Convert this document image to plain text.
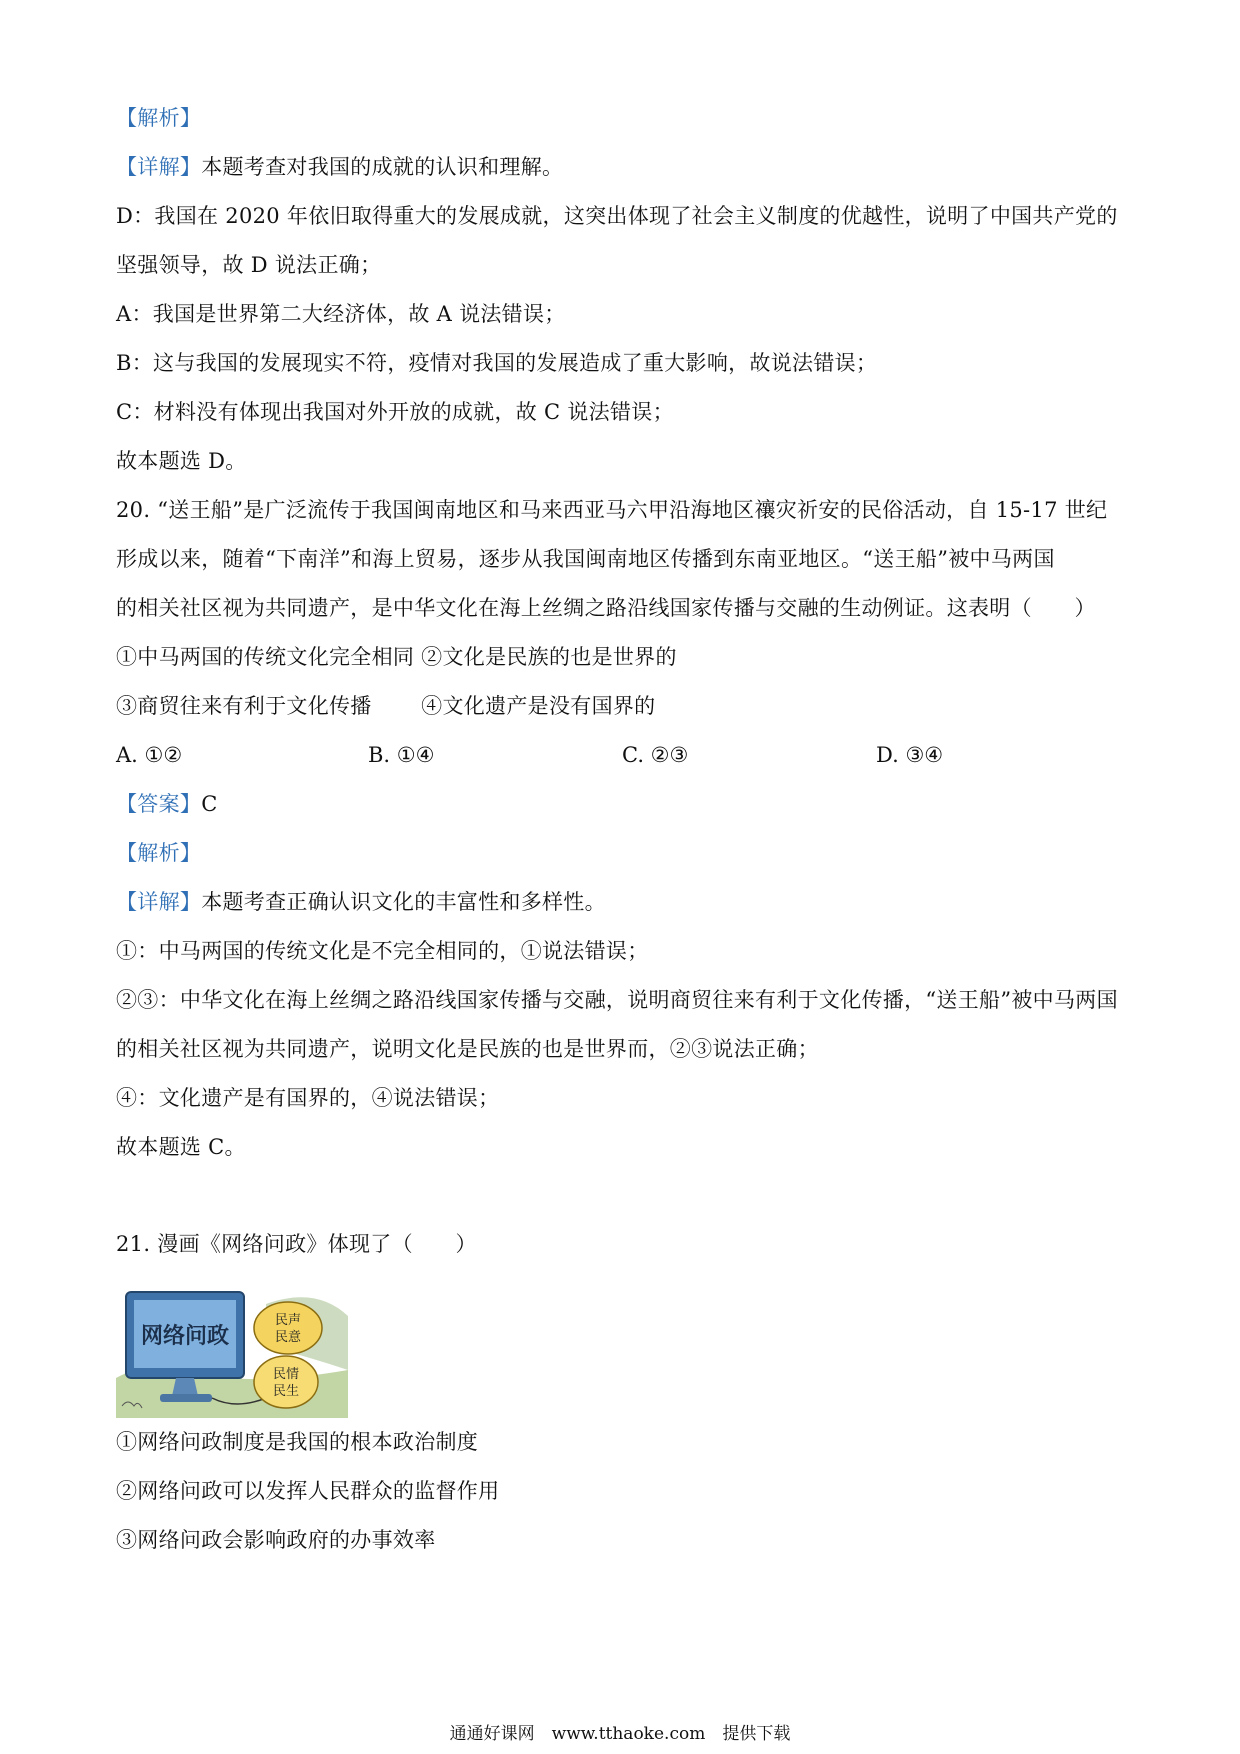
【解析】
【详解】本题考查对我国的成就的认识和理解。
D：我国在 2020 年依旧取得重大的发展成就，这突出体现了社会主义制度的优越性，说明了中国共产党的
坚强领导，故 D 说法正确；
A：我国是世界第二大经济体，故 A 说法错误；
B：这与我国的发展现实不符，疫情对我国的发展造成了重大影响，故说法错误；
C：材料没有体现出我国对外开放的成就，故 C 说法错误；
故本题选 D。
20. “送王船”是广泛流传于我国闽南地区和马来西亚马六甲沿海地区禳灾祈安的民俗活动，自 15-17 世纪
形成以来，随着“下南洋”和海上贸易，逐步从我国闽南地区传播到东南亚地区。“送王船”被中马两国
的相关社区视为共同遗产，是中华文化在海上丝绸之路沿线国家传播与交融的生动例证。这表明（　　）
①中马两国的传统文化完全相同 ②文化是民族的也是世界的
③商贸往来有利于文化传播　　 ④文化遗产是没有国界的
A. ①②	B. ①④	C. ②③	D. ③④
【答案】C
【解析】
【详解】本题考查正确认识文化的丰富性和多样性。
①：中马两国的传统文化是不完全相同的，①说法错误；
②③：中华文化在海上丝绸之路沿线国家传播与交融，说明商贸往来有利于文化传播，“送王船”被中马两国
的相关社区视为共同遗产，说明文化是民族的也是世界而，②③说法正确；
④：文化遗产是有国界的，④说法错误；
故本题选 C。
21. 漫画《网络问政》体现了（　　）
网络问政
民声
民意
民情
民生
①网络问政制度是我国的根本政治制度
②网络问政可以发挥人民群众的监督作用
③网络问政会影响政府的办事效率
通通好课网　www.tthaoke.com　提供下载
